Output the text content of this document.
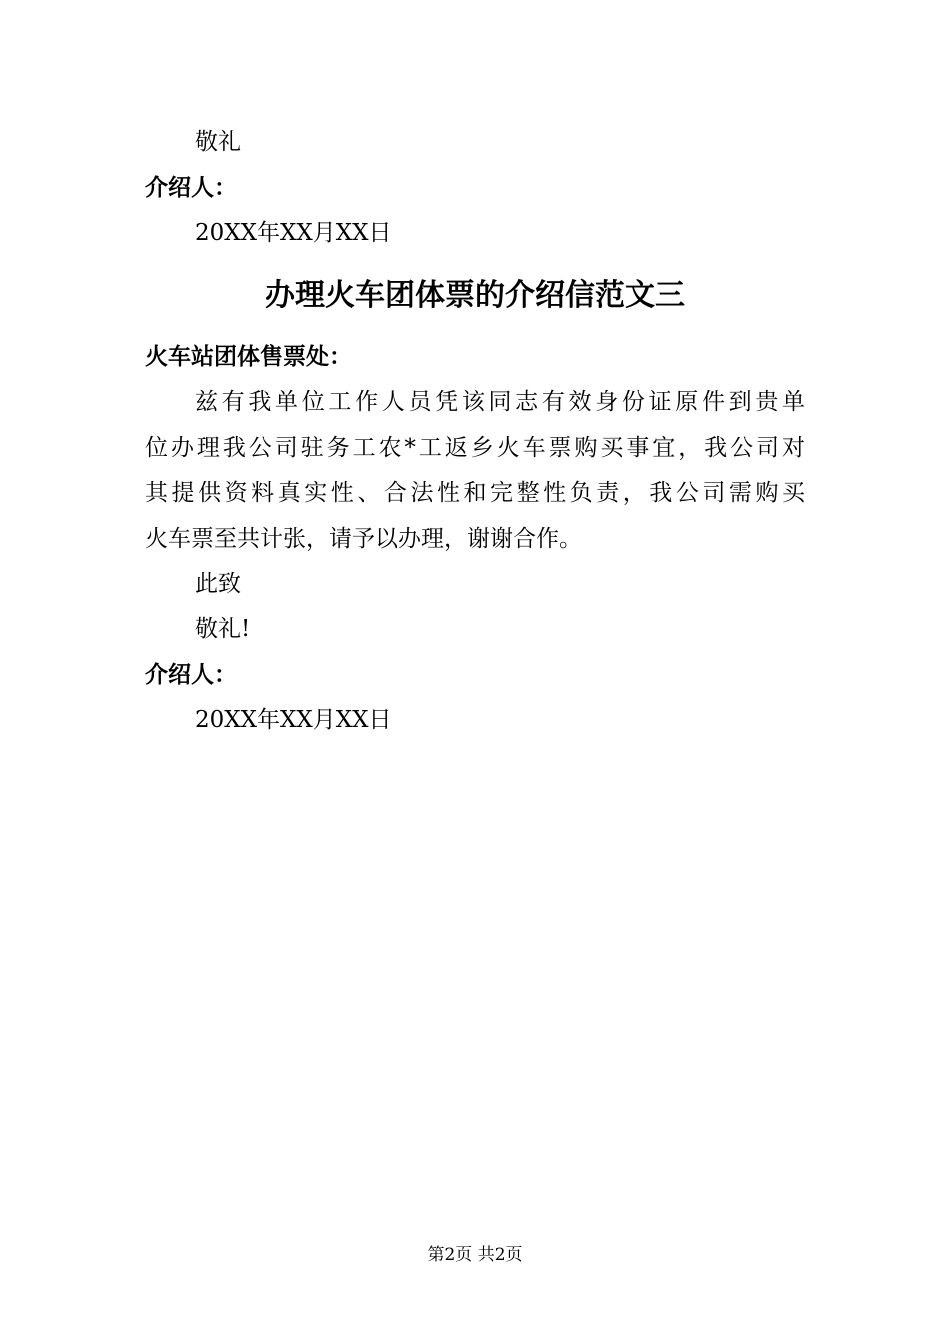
敬礼
介绍人：
20XX年XX月XX日
办理火车团体票的介绍信范文三
火车站团体售票处：
兹有我单位工作人员凭该同志有效身份证原件到贵单
位办理我公司驻务工农*工返乡火车票购买事宜，我公司对
其提供资料真实性、合法性和完整性负责，我公司需购买
火车票至共计张，请予以办理，谢谢合作。
此致
敬礼!
介绍人：
20XX年XX月XX日
第2页 共2页
